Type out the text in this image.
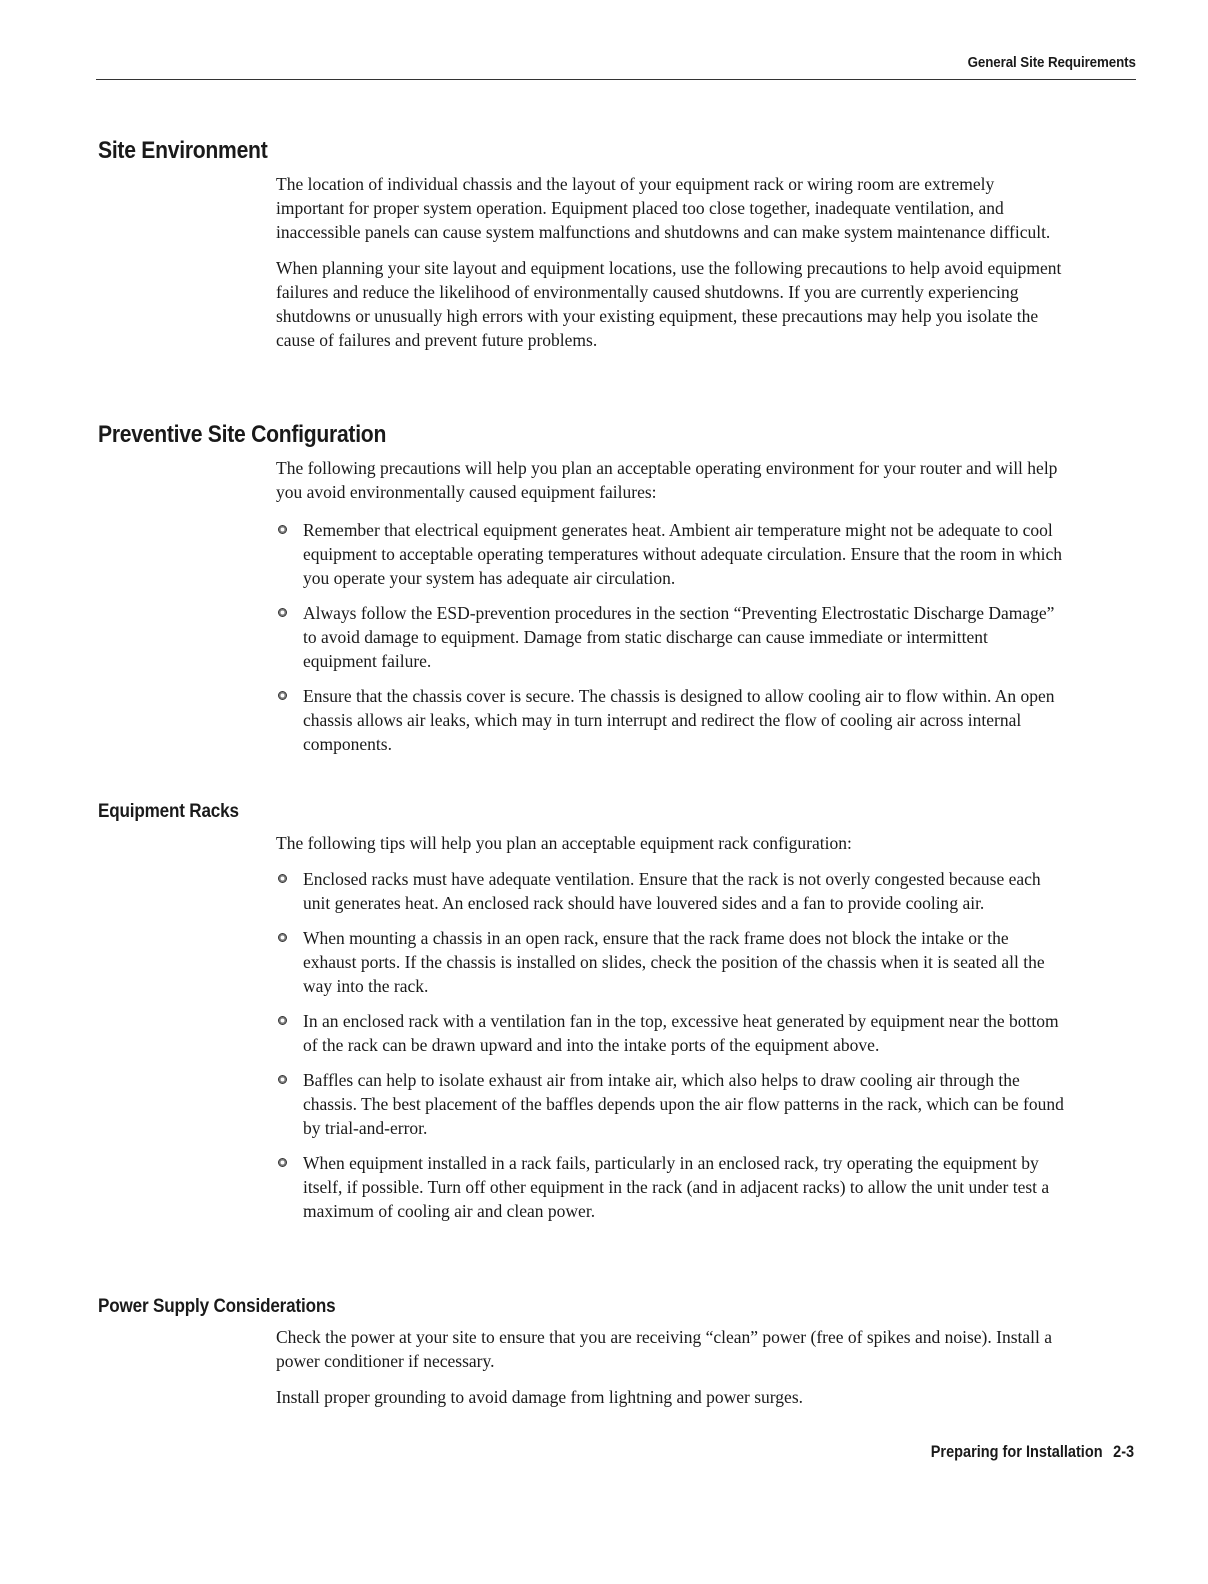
General Site Requirements
Site Environment

The location of individual chassis and the layout of your equipment rack or wiring room are extremely important for proper system operation. Equipment placed too close together, inadequate ventilation, and inaccessible panels can cause system malfunctions and shutdowns and can make system maintenance difficult.

When planning your site layout and equipment locations, use the following precautions to help avoid equipment failures and reduce the likelihood of environmentally caused shutdowns. If you are currently experiencing shutdowns or unusually high errors with your existing equipment, these precautions may help you isolate the cause of failures and prevent future problems.

Preventive Site Configuration

The following precautions will help you plan an acceptable operating environment for your router and will help you avoid environmentally caused equipment failures:

Remember that electrical equipment generates heat. Ambient air temperature might not be adequate to cool equipment to acceptable operating temperatures without adequate circulation. Ensure that the room in which you operate your system has adequate air circulation.
Always follow the ESD-prevention procedures in the section “Preventing Electrostatic Discharge Damage” to avoid damage to equipment. Damage from static discharge can cause immediate or intermittent equipment failure.
Ensure that the chassis cover is secure. The chassis is designed to allow cooling air to flow within. An open chassis allows air leaks, which may in turn interrupt and redirect the flow of cooling air across internal components.
Equipment Racks

The following tips will help you plan an acceptable equipment rack configuration:

Enclosed racks must have adequate ventilation. Ensure that the rack is not overly congested because each unit generates heat. An enclosed rack should have louvered sides and a fan to provide cooling air.
When mounting a chassis in an open rack, ensure that the rack frame does not block the intake or the exhaust ports. If the chassis is installed on slides, check the position of the chassis when it is seated all the way into the rack.
In an enclosed rack with a ventilation fan in the top, excessive heat generated by equipment near the bottom of the rack can be drawn upward and into the intake ports of the equipment above.
Baffles can help to isolate exhaust air from intake air, which also helps to draw cooling air through the chassis. The best placement of the baffles depends upon the air flow patterns in the rack, which can be found by trial-and-error.
When equipment installed in a rack fails, particularly in an enclosed rack, try operating the equipment by itself, if possible. Turn off other equipment in the rack (and in adjacent racks) to allow the unit under test a maximum of cooling air and clean power.
Power Supply Considerations

Check the power at your site to ensure that you are receiving “clean” power (free of spikes and noise). Install a power conditioner if necessary.

Install proper grounding to avoid damage from lightning and power surges.

Preparing for Installation 2-3
